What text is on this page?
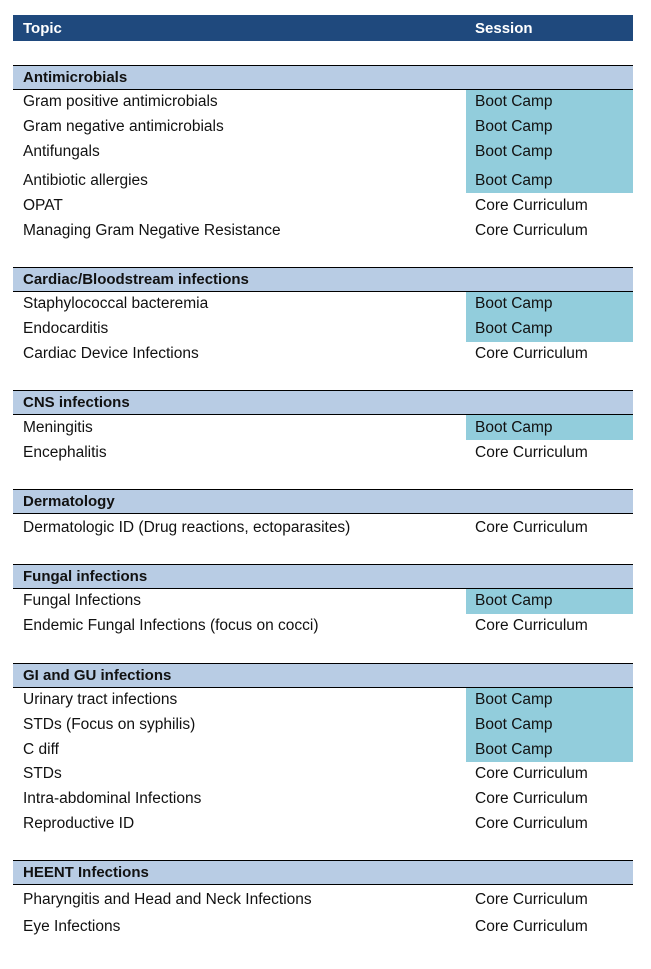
Topic	Session
Antimicrobials
Gram positive antimicrobials	Boot Camp
Gram negative antimicrobials	Boot Camp
Antifungals	Boot Camp
Antibiotic allergies	Boot Camp
OPAT	Core Curriculum
Managing Gram Negative Resistance	Core Curriculum
Cardiac/Bloodstream infections
Staphylococcal bacteremia	Boot Camp
Endocarditis	Boot Camp
Cardiac Device Infections	Core Curriculum
CNS infections
Meningitis	Boot Camp
Encephalitis	Core Curriculum
Dermatology
Dermatologic ID (Drug reactions, ectoparasites)	Core Curriculum
Fungal infections
Fungal Infections	Boot Camp
Endemic Fungal Infections (focus on cocci)	Core Curriculum
GI and GU infections
Urinary tract infections	Boot Camp
STDs (Focus on syphilis)	Boot Camp
C diff	Boot Camp
STDs	Core Curriculum
Intra-abdominal Infections	Core Curriculum
Reproductive ID	Core Curriculum
HEENT Infections
Pharyngitis and Head and Neck Infections	Core Curriculum
Eye Infections	Core Curriculum
